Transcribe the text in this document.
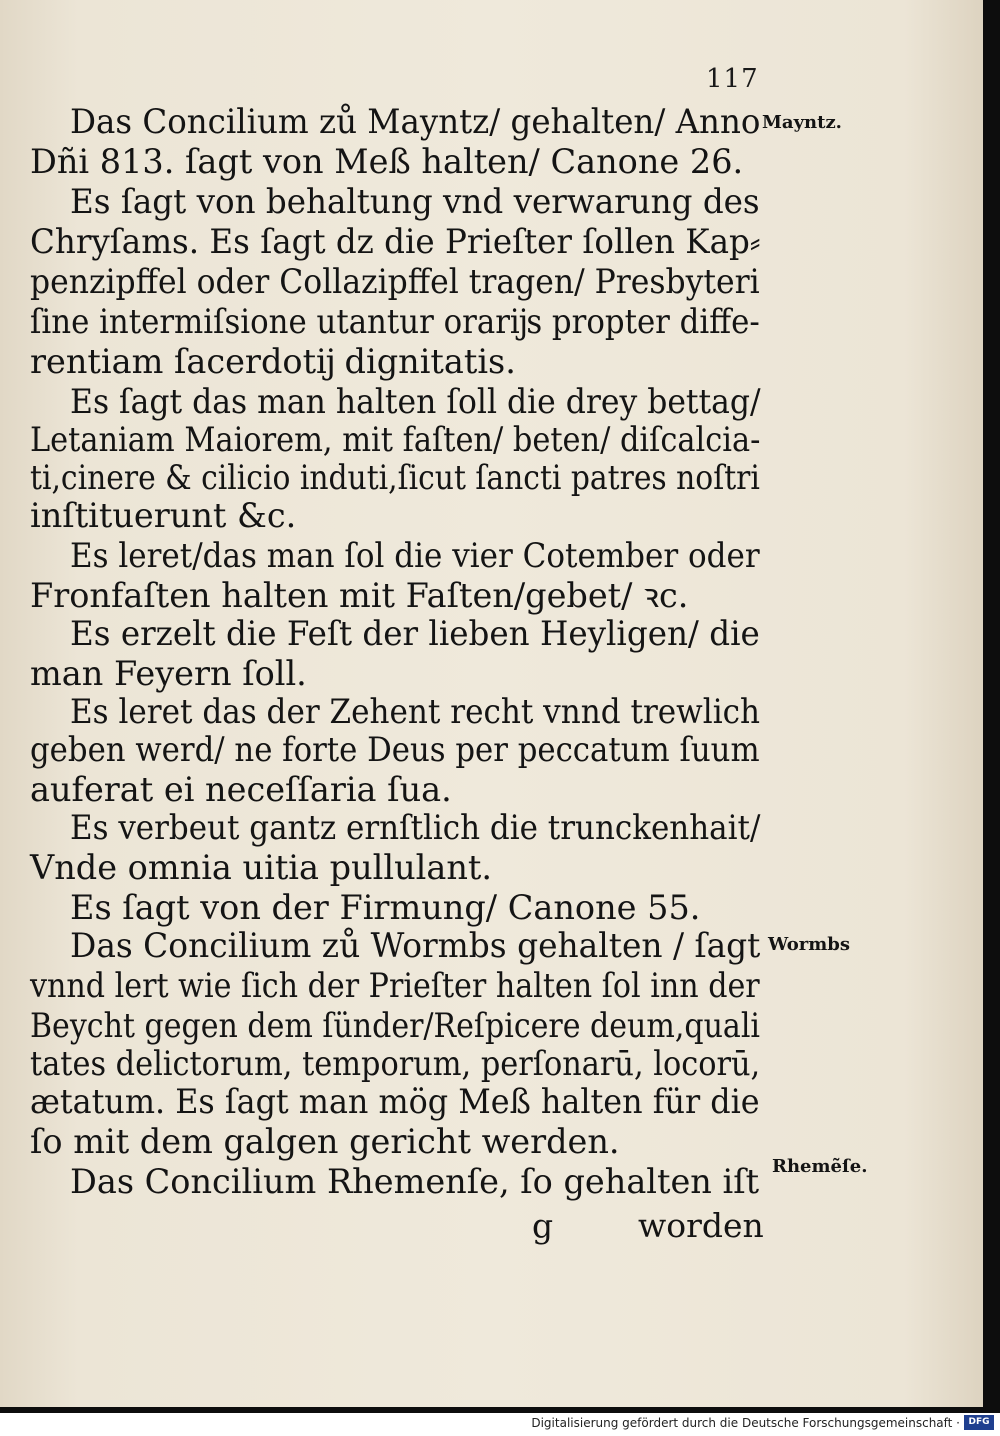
117
Das Concilium zů Mayntz/ gehalten/ Anno
Dñi 813. ſagt von Meß halten/ Canone 26.
Es ſagt von behaltung vnd verwarung des
Chryſams. Es ſagt dz die Prieſter ſollen Kap⸗
penzipffel oder Collazipffel tragen/ Presbyteri
ſine intermiſsione utantur orarĳs propter diffe-
rentiam ſacerdotĳ dignitatis.
Es ſagt das man halten ſoll die drey bettag/
Letaniam Maiorem, mit faſten/ beten/ diſcalcia-
ti,cinere & cilicio induti,ſicut ſancti patres noſtri
inſtituerunt &c.
Es leret/das man ſol die vier Cotember oder
Fronfaſten halten mit Faſten/gebet/ ꝛc.
Es erzelt die Feſt der lieben Heyligen/ die
man Feyern ſoll.
Es leret das der Zehent recht vnnd trewlich
geben werd/ ne forte Deus per peccatum ſuum
auferat ei neceſſaria ſua.
Es verbeut gantz ernſtlich die trunckenhait/
Vnde omnia uitia pullulant.
Es ſagt von der Firmung/ Canone 55.
Das Concilium zů Wormbs gehalten / ſagt
vnnd lert wie ſich der Prieſter halten ſol inn der
Beycht gegen dem ſünder/Reſpicere deum,quali
tates delictorum, temporum, perſonarū, locorū,
ætatum. Es ſagt man mög Meß halten für die
ſo mit dem galgen gericht werden.
Das Concilium Rhemenſe, ſo gehalten iſt
Mayntz.
Wormbs
Rhemẽſe.
g	worden
Digitalisierung gefördert durch die Deutsche Forschungsgemeinschaft · DFG
